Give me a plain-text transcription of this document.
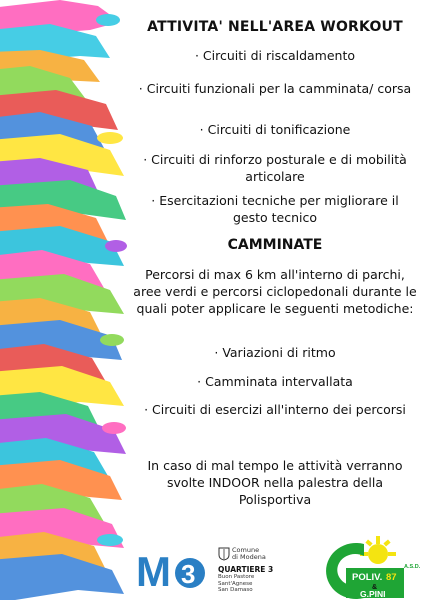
ATTIVITA' NELL'AREA WORKOUT
· Circuiti di riscaldamento
· Circuiti funzionali per la camminata/ corsa
· Circuiti di tonificazione
· Circuiti di rinforzo posturale e di mobilità articolare
· Esercitazioni tecniche per migliorare il gesto tecnico
CAMMINATE
Percorsi di max 6 km all'interno di parchi, aree verdi e percorsi ciclopedonali durante le quali poter applicare le seguenti metodiche:
· Variazioni di ritmo
· Camminata intervallata
· Circuiti di esercizi all'interno dei percorsi
In caso di mal tempo le attività verranno svolte INDOOR nella palestra della Polisportiva
M 3
Comune
di Modena
QUARTIERE 3
Buon Pastore
Sant'Agnese
San Damaso
A.S.D.
POLIV. 87
&
G.PINI
